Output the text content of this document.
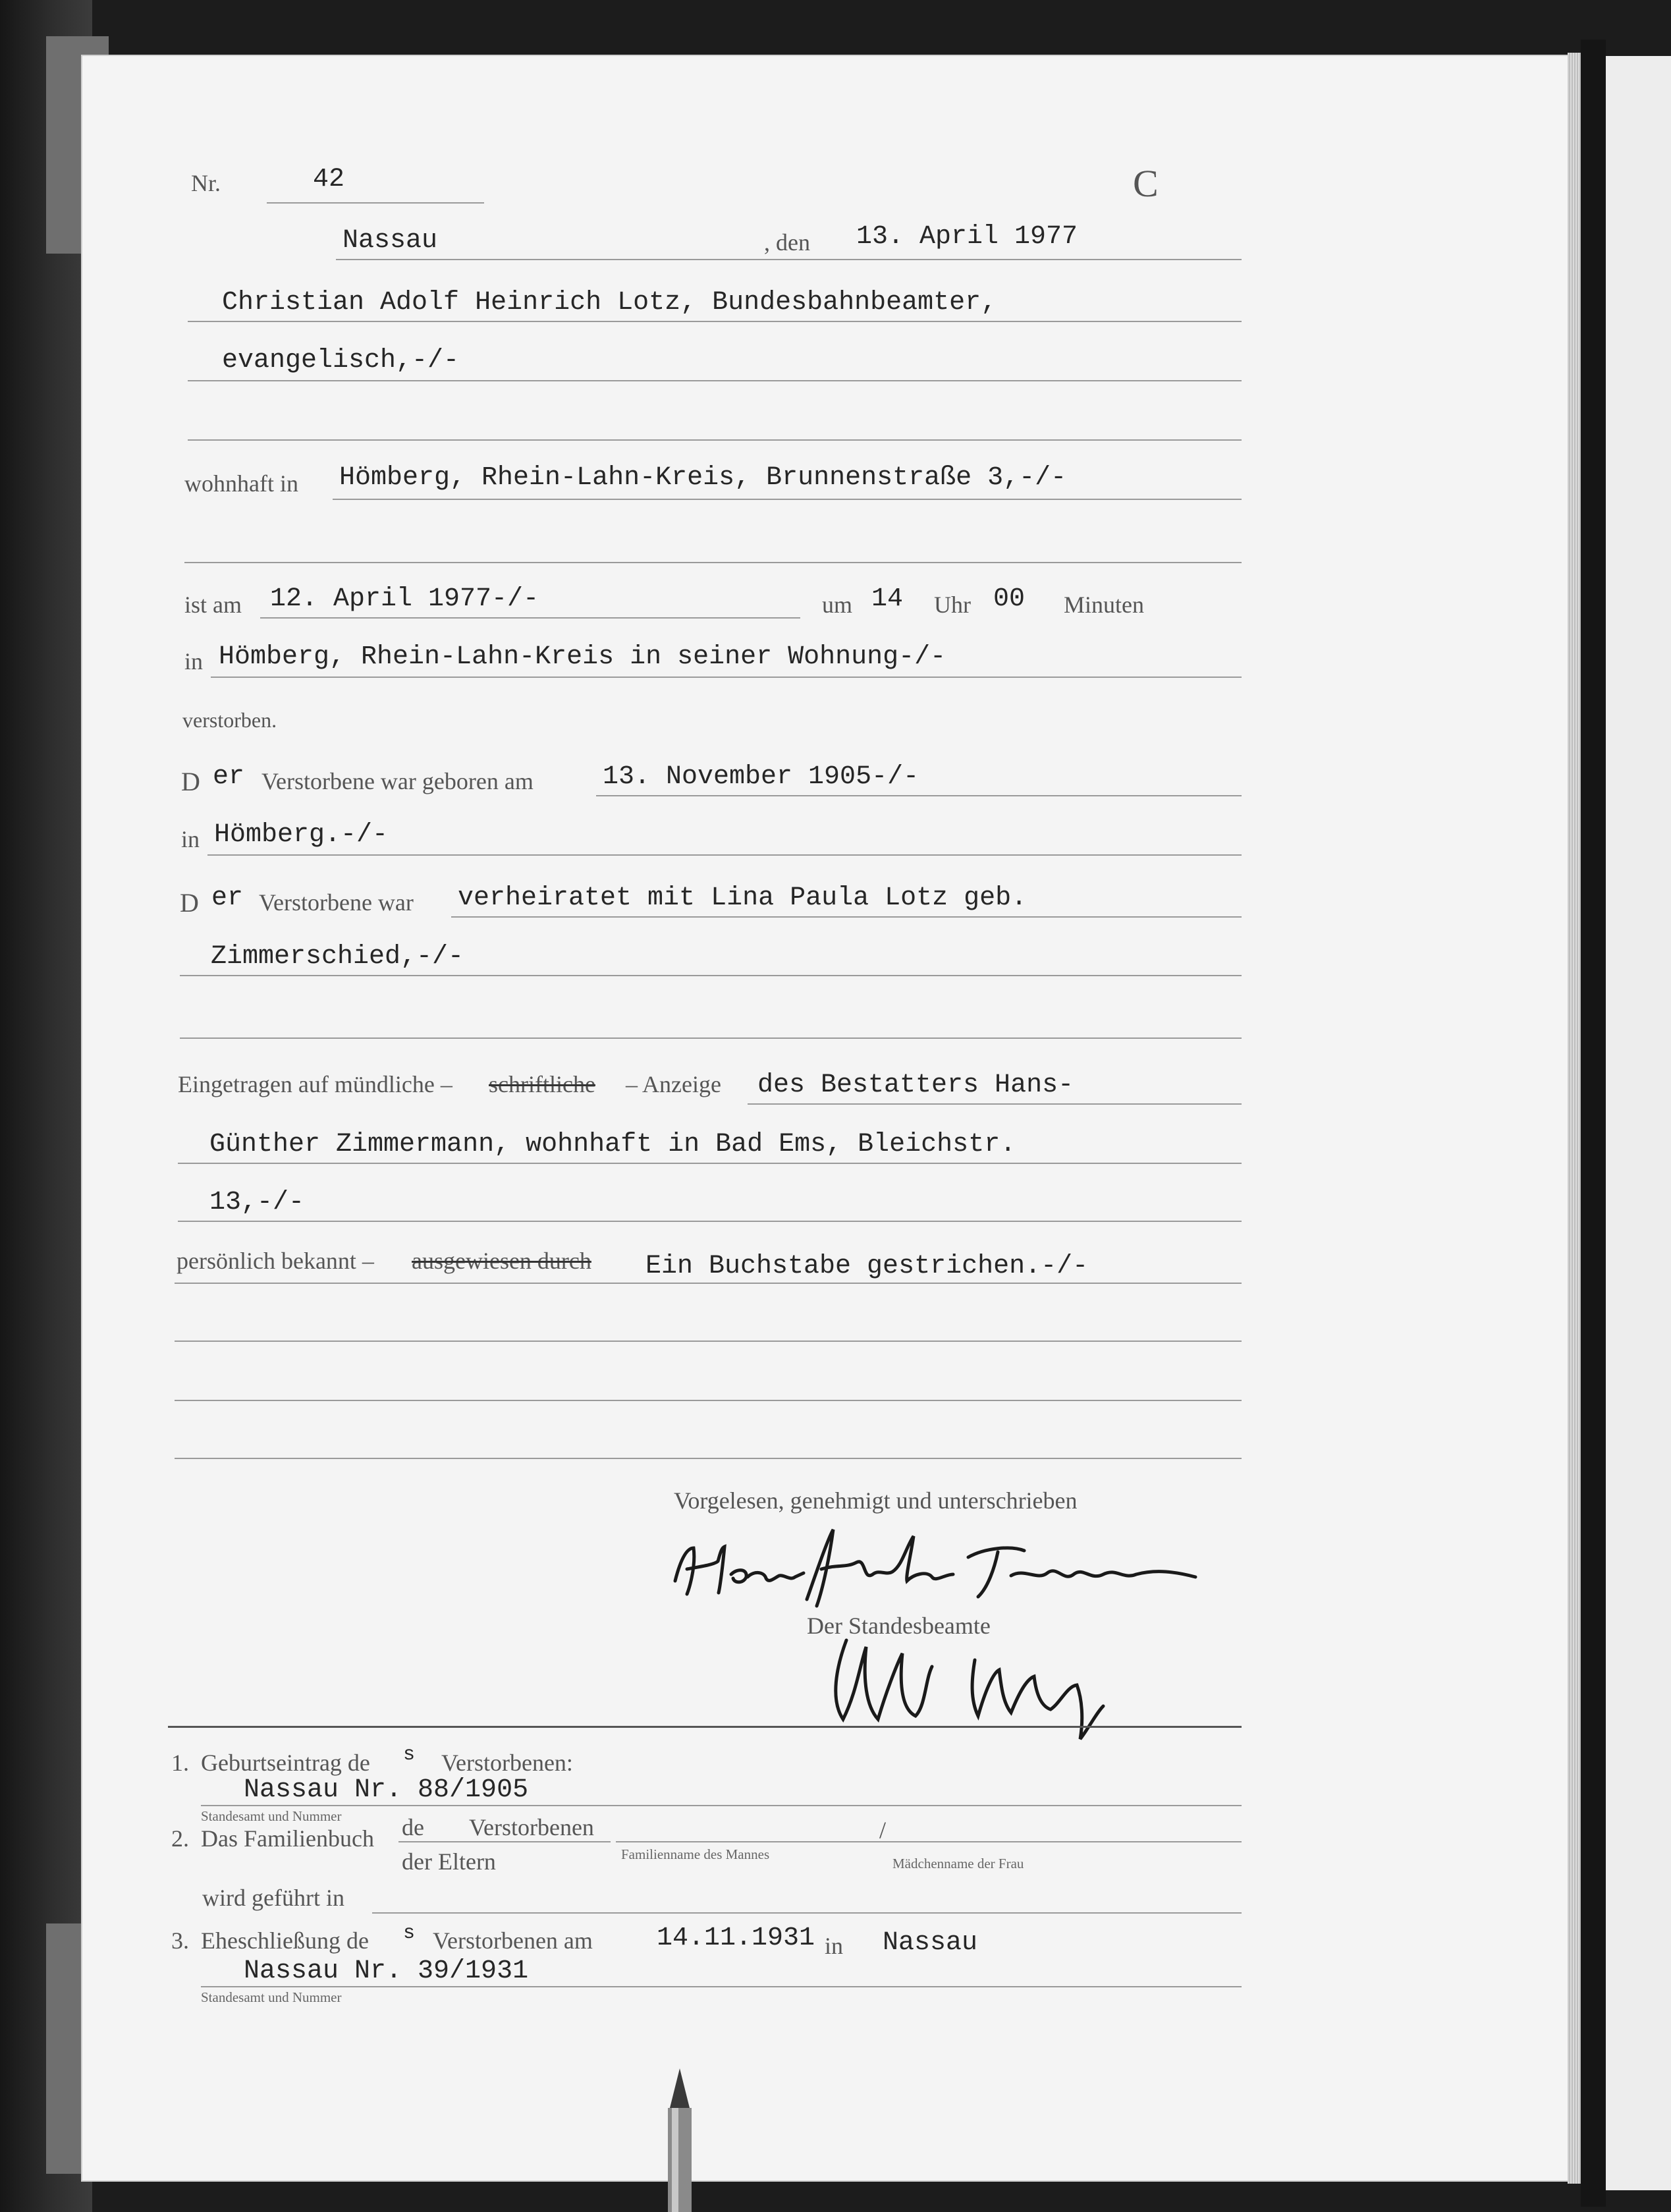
Nr.	42	C
Nassau	, den 13. April 1977
Christian Adolf Heinrich Lotz, Bundesbahnbeamter,
evangelisch,-/-
wohnhaft in Hömberg, Rhein-Lahn-Kreis, Brunnenstraße 3,-/-
ist am 12. April 1977-/-	um 14 Uhr 00 Minuten
in Hömberg, Rhein-Lahn-Kreis in seiner Wohnung-/-
verstorben.
D er Verstorbene war geboren am	13. November 1905-/-
in Hömberg.-/-
D er Verstorbene war verheiratet mit Lina Paula Lotz geb.
Zimmerschied,-/-
Eingetragen auf mündliche – schriftliche – Anzeige des Bestatters Hans-
Günther Zimmermann, wohnhaft in Bad Ems, Bleichstr.
13,-/-
persönlich bekannt – ausgewiesen durch Ein Buchstabe gestrichen.-/-
Vorgelesen, genehmigt und unterschrieben
Der Standesbeamte
1. Geburtseintrag de s Verstorbenen:
Nassau Nr. 88/1905
Standesamt und Nummer
2. Das Familienbuch de Verstorbenen
der Eltern
/
Familienname des Mannes
Mädchenname der Frau
wird geführt in
3. Eheschließung de s Verstorbenen am 14.11.1931 in Nassau
Nassau Nr. 39/1931
Standesamt und Nummer
